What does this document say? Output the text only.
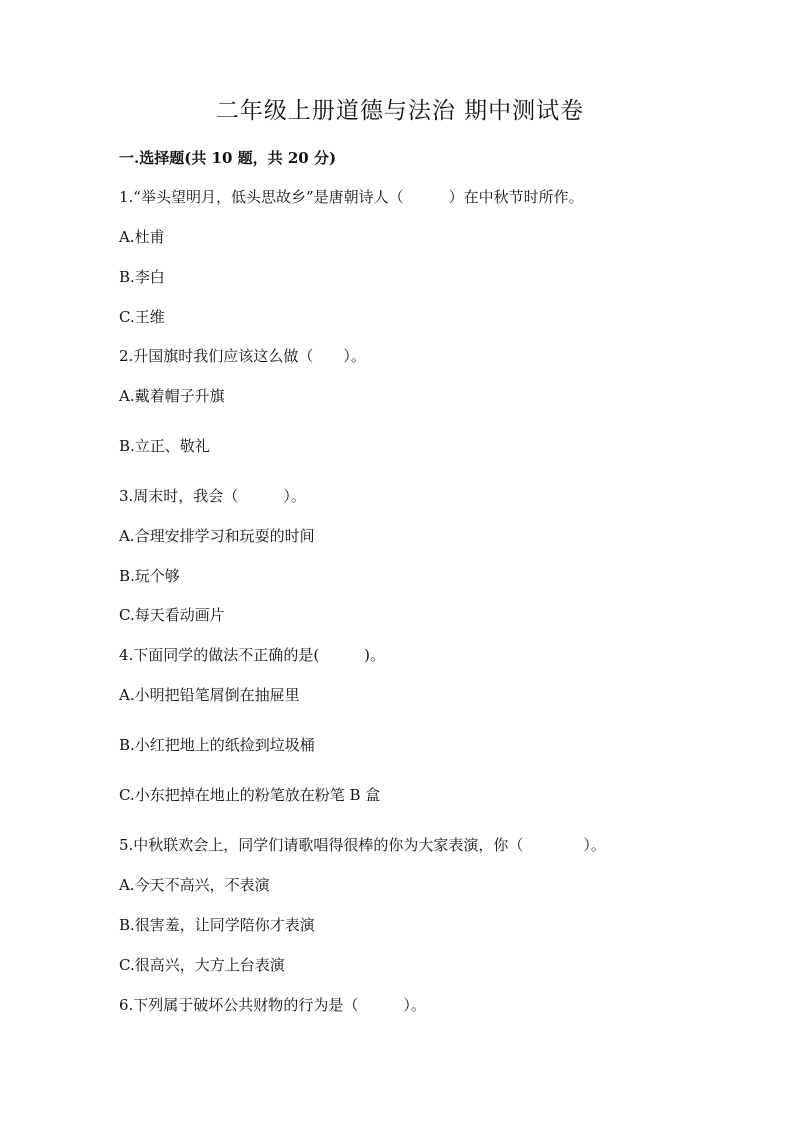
二年级上册道德与法治 期中测试卷
一.选择题(共 10 题，共 20 分)
1.“举头望明月，低头思故乡”是唐朝诗人（　　　）在中秋节时所作。
A.杜甫
B.李白
C.王维
2.升国旗时我们应该这么做（　　）。
A.戴着帽子升旗
B.立正、敬礼
3.周末时，我会（　　　）。
A.合理安排学习和玩耍的时间
B.玩个够
C.每天看动画片
4.下面同学的做法不正确的是(　　　)。
A.小明把铅笔屑倒在抽屉里
B.小红把地上的纸捡到垃圾桶
C.小东把掉在地止的粉笔放在粉笔 B 盒
5.中秋联欢会上，同学们请歌唱得很棒的你为大家表演，你（　　　　）。
A.今天不高兴，不表演
B.很害羞，让同学陪你才表演
C.很高兴，大方上台表演
6.下列属于破坏公共财物的行为是（　　　）。
